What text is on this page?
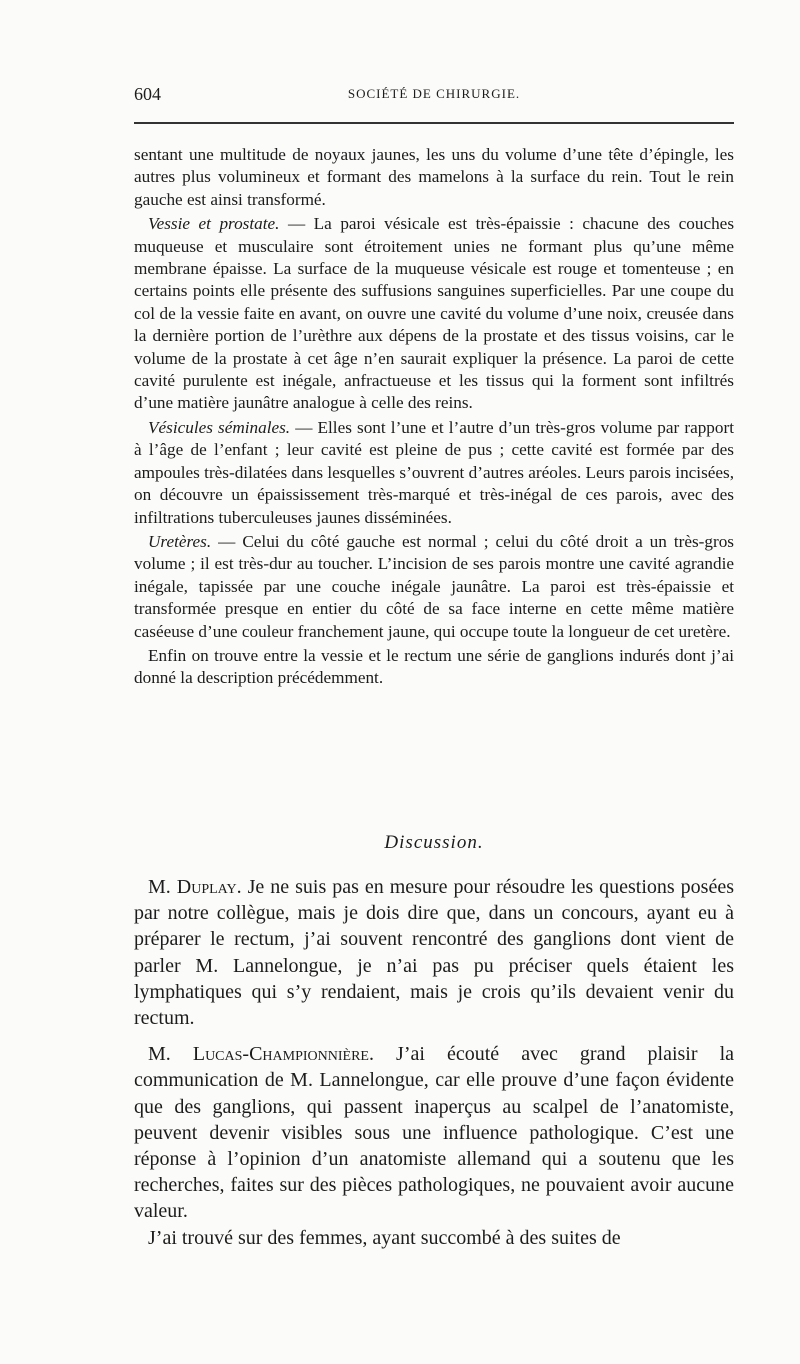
604	SOCIÉTÉ DE CHIRURGIE.

sentant une multitude de noyaux jaunes, les uns du volume d’une tête d’épingle, les autres plus volumineux et formant des mamelons à la surface du rein. Tout le rein gauche est ainsi transformé.

Vessie et prostate. — La paroi vésicale est très-épaissie : chacune des couches muqueuse et musculaire sont étroitement unies ne formant plus qu’une même membrane épaisse. La surface de la muqueuse vésicale est rouge et tomenteuse ; en certains points elle présente des suffusions sanguines superficielles. Par une coupe du col de la vessie faite en avant, on ouvre une cavité du volume d’une noix, creusée dans la dernière portion de l’urèthre aux dépens de la prostate et des tissus voisins, car le volume de la prostate à cet âge n’en saurait expliquer la présence. La paroi de cette cavité purulente est inégale, anfractueuse et les tissus qui la forment sont infiltrés d’une matière jaunâtre analogue à celle des reins.

Vésicules séminales. — Elles sont l’une et l’autre d’un très-gros volume par rapport à l’âge de l’enfant ; leur cavité est pleine de pus ; cette cavité est formée par des ampoules très-dilatées dans lesquelles s’ouvrent d’autres aréoles. Leurs parois incisées, on découvre un épaississement très-marqué et très-inégal de ces parois, avec des infiltrations tuberculeuses jaunes disséminées.

Uretères. — Celui du côté gauche est normal ; celui du côté droit a un très-gros volume ; il est très-dur au toucher. L’incision de ses parois montre une cavité agrandie inégale, tapissée par une couche inégale jaunâtre. La paroi est très-épaissie et transformée presque en entier du côté de sa face interne en cette même matière caséeuse d’une couleur franchement jaune, qui occupe toute la longueur de cet uretère.

Enfin on trouve entre la vessie et le rectum une série de ganglions indurés dont j’ai donné la description précédemment.

Discussion.

M. Duplay. Je ne suis pas en mesure pour résoudre les questions posées par notre collègue, mais je dois dire que, dans un concours, ayant eu à préparer le rectum, j’ai souvent rencontré des ganglions dont vient de parler M. Lannelongue, je n’ai pas pu préciser quels étaient les lymphatiques qui s’y rendaient, mais je crois qu’ils devaient venir du rectum.

M. Lucas-Championnière. J’ai écouté avec grand plaisir la communication de M. Lannelongue, car elle prouve d’une façon évidente que des ganglions, qui passent inaperçus au scalpel de l’anatomiste, peuvent devenir visibles sous une influence pathologique. C’est une réponse à l’opinion d’un anatomiste allemand qui a soutenu que les recherches, faites sur des pièces pathologiques, ne pouvaient avoir aucune valeur.

J’ai trouvé sur des femmes, ayant succombé à des suites de
